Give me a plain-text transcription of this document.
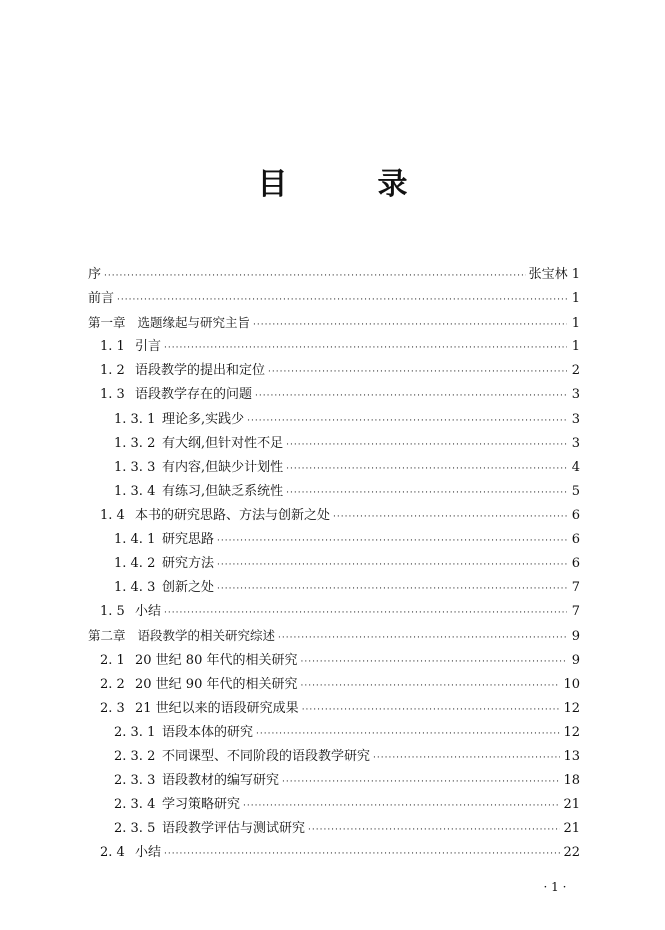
目　录
序 ·····	张宝林 1
前言 ·····	1
第一章 选题缘起与研究主旨 ·····	1
1. 1 引言 ·····	1
1. 2 语段教学的提出和定位 ·····	2
1. 3 语段教学存在的问题 ·····	3
1. 3. 1 理论多,实践少 ·····	3
1. 3. 2 有大纲,但针对性不足 ·····	3
1. 3. 3 有内容,但缺少计划性 ·····	4
1. 3. 4 有练习,但缺乏系统性 ·····	5
1. 4 本书的研究思路、方法与创新之处 ·····	6
1. 4. 1 研究思路 ·····	6
1. 4. 2 研究方法 ·····	6
1. 4. 3 创新之处 ·····	7
1. 5 小结 ·····	7
第二章 语段教学的相关研究综述 ·····	9
2. 1 20 世纪 80 年代的相关研究 ·····	9
2. 2 20 世纪 90 年代的相关研究 ·····	10
2. 3 21 世纪以来的语段研究成果 ·····	12
2. 3. 1 语段本体的研究 ·····	12
2. 3. 2 不同课型、不同阶段的语段教学研究 ·····	13
2. 3. 3 语段教材的编写研究 ·····	18
2. 3. 4 学习策略研究 ·····	21
2. 3. 5 语段教学评估与测试研究 ·····	21
2. 4 小结 ·····	22
· 1 ·
